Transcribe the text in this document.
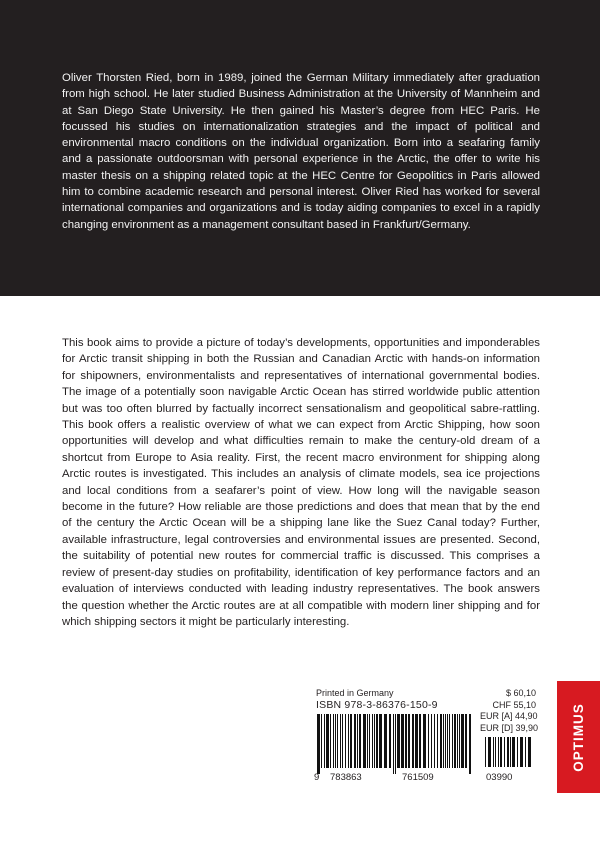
Oliver Thorsten Ried, born in 1989, joined the German Military immediately after graduation from high school. He later studied Business Administration at the University of Mannheim and at San Diego State University. He then gained his Master’s degree from HEC Paris. He focussed his studies on internationalization strategies and the impact of political and environmental macro conditions on the individual organization. Born into a seafaring family and a passionate outdoorsman with personal experience in the Arctic, the offer to write his master thesis on a shipping related topic at the HEC Centre for Geopolitics in Paris allowed him to combine academic research and personal interest. Oliver Ried has worked for several international companies and organizations and is today aiding companies to excel in a rapidly changing environment as a management consultant based in Frankfurt/Germany.

This book aims to provide a picture of today’s developments, opportunities and imponderables for Arctic transit shipping in both the Russian and Canadian Arctic with hands-on information for shipowners, environmentalists and representatives of international governmental bodies. The image of a potentially soon navigable Arctic Ocean has stirred worldwide public attention but was too often blurred by factually incorrect sensationalism and geopolitical sabre-rattling. This book offers a realistic overview of what we can expect from Arctic Shipping, how soon opportunities will develop and what difficulties remain to make the century-old dream of a shortcut from Europe to Asia reality. First, the recent macro environment for shipping along Arctic routes is investigated. This includes an analysis of climate models, sea ice projections and local conditions from a seafarer’s point of view. How long will the navigable season become in the future? How reliable are those predictions and does that mean that by the end of the century the Arctic Ocean will be a shipping lane like the Suez Canal today? Further, available infrastructure, legal controversies and environmental issues are presented. Second, the suitability of potential new routes for commercial traffic is discussed. This comprises a review of present-day studies on profitability, identification of key performance factors and an evaluation of interviews conducted with leading industry representatives. The book answers the question whether the Arctic routes are at all compatible with modern liner shipping and for which shipping sectors it might be particularly interesting.

Printed in Germany
ISBN 978-3-86376-150-9
9 783863	761509
$ 60,10
CHF 55,10
EUR [A] 44,90
EUR [D] 39,90
03990
OPTIMUS
